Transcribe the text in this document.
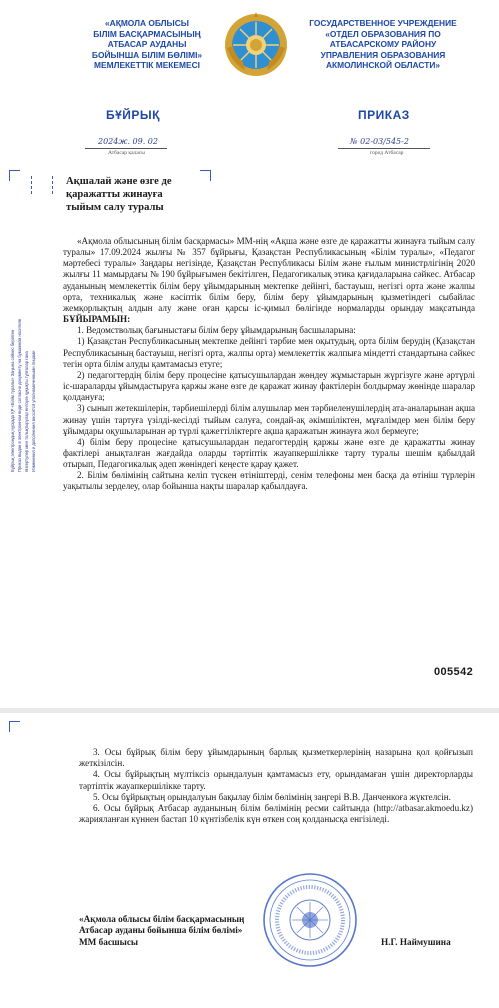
«АҚМОЛА ОБЛЫСЫ
БІЛІМ БАСҚАРМАСЫНЫҢ
АТБАСАР АУДАНЫ
БОЙЫНША БІЛІМ БӨЛІМІ»
МЕМЛЕКЕТТІК МЕКЕМЕСІ
ГОСУДАРСТВЕННОЕ УЧРЕЖДЕНИЕ
«ОТДЕЛ ОБРАЗОВАНИЯ ПО
АТБАСАРСКОМУ РАЙОНУ
УПРАВЛЕНИЯ ОБРАЗОВАНИЯ
АКМОЛИНСКОЙ ОБЛАСТИ»
БҰЙРЫҚ	ПРИКАЗ
2024ж. 09. 02
Атбасар қаласы
№ 02-03/545-2
город Атбасар
Ақшалай және өзге де
қаражатты жинауға
тыйым салу туралы
Бұйрық электрондық нұсқада ҚР «Білім туралы» Заңына сәйкес берілген Приказ выдан в электронном виде согласно документу на бумажном носителе Өзгертулер мен толықтырулар енгізуге құқықты тұлғалар ғана Изменения и дополнения вносятся уполномоченными лицами

«Ақмола облысының білім басқармасы» ММ-нің «Ақша және өзге де қаражатты жинауға тыйым салу туралы» 17.09.2024 жылғы № 357 бұйрығы, Қазақстан Республикасының «Білім туралы», «Педагог мәртебесі туралы» Заңдары негізінде, Қазақстан Республикасы Білім және ғылым министрлігінің 2020 жылғы 11 мамырдағы № 190 бұйрығымен бекітілген, Педагогикалық этика қағидаларына сәйкес. Атбасар ауданының мемлекеттік білім беру ұйымдарының мектепке дейінгі, бастауыш, негізгі орта және жалпы орта, техникалық және кәсіптік білім беру, білім беру ұйымдарының қызметіндегі сыбайлас жемқорлықтың алдын алу және оған қарсы іс-қимыл бөлігінде нормаларды орындау мақсатында БҰЙЫРАМЫН:

1. Ведомстволық бағыныстағы білім беру ұйымдарының басшыларына:

1) Қазақстан Республикасының мектепке дейінгі тәрбие мен оқытудың, орта білім берудің (Қазақстан Республикасының бастауыш, негізгі орта, жалпы орта) мемлекеттік жалпыға міндетті стандартына сәйкес тегін орта білім алуды қамтамасыз етуге;

2) педагогтердің білім беру процесіне қатысушылардан жөндеу жұмыстарын жүргізуге және әртүрлі іс-шараларды ұйымдастыруға қаржы және өзге де қаражат жинау фактілерін болдырмау жөнінде шаралар қолдануға;

3) сынып жетекшілерін, тәрбиешілерді білім алушылар мен тәрбиеленушілердің ата-аналарынан ақша жинау үшін тартуға үзілді-кесілді тыйым салуға, сондай-ақ әкімшіліктен, мұғалімдер мен білім беру ұйымдары оқушыларынан әр түрлі қажеттіліктерге ақша қаражатын жинауға жол бермеуге;

4) білім беру процесіне қатысушылардан педагогтердің қаржы және өзге де қаражатты жинау фактілері анықталған жағдайда оларды тәртіптік жауапкершілікке тарту туралы шешім қабылдай отырып, Педагогикалық әдеп жөніндегі кеңесте қарау қажет.

2. Білім бөлімінің сайтына келіп түскен өтініштерді, сенім телефоны мен басқа да өтініш түрлерін уақытылы зерделеу, олар бойынша нақты шаралар қабылдауға.

005542

3. Осы бұйрық білім беру ұйымдарының барлық қызметкерлерінің назарына қол қойғызып жеткізілсін.

4. Осы бұйрықтың мүлтіксіз орындалуын қамтамасыз ету, орындамаған үшін директорларды тәртіптік жауапкершілікке тарту.

5. Осы бұйрықтың орындалуын бақылау білім бөлімінің заңгері В.В. Данченкоға жүктелсін.

6. Осы бұйрық Атбасар ауданының білім бөлімінің ресми сайтында (http://atbasar.akmoedu.kz) жарияланған күннен бастап 10 күнтізбелік күн өткен соң қолданысқа енгізіледі.

«Ақмола облысы білім басқармасының
Атбасар ауданы бойынша білім бөлімі»
ММ басшысы	Н.Г. Наймушина
